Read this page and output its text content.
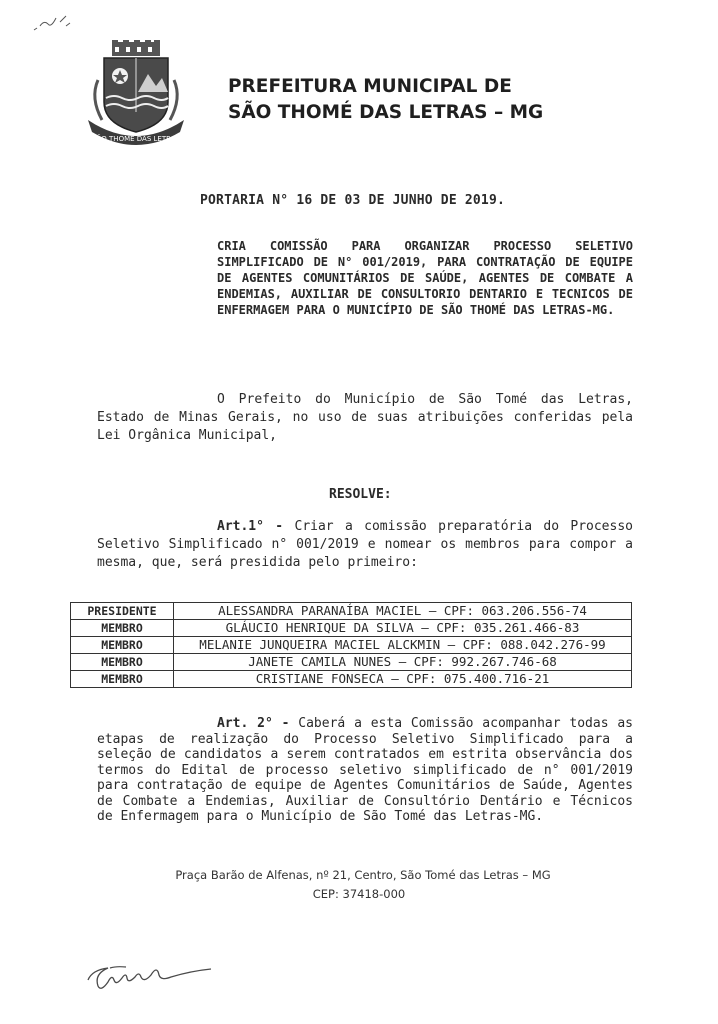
SÃO THOMÉ DAS LETRAS
PREFEITURA MUNICIPAL DE
SÃO THOMÉ DAS LETRAS – MG
PORTARIA N° 16 DE 03 DE JUNHO DE 2019.
CRIA COMISSÃO PARA ORGANIZAR PROCESSO SELETIVO SIMPLIFICADO DE N° 001/2019, PARA CONTRATAÇÃO DE EQUIPE DE AGENTES COMUNITÁRIOS DE SAÚDE, AGENTES DE COMBATE A ENDEMIAS, AUXILIAR DE CONSULTORIO DENTARIO E TECNICOS DE ENFERMAGEM PARA O MUNICÍPIO DE SÃO THOMÉ DAS LETRAS-MG.
O Prefeito do Município de São Tomé das Letras, Estado de Minas Gerais, no uso de suas atribuições conferidas pela Lei Orgânica Municipal,
RESOLVE:
Art.1° - Criar a comissão preparatória do Processo Seletivo Simplificado n° 001/2019 e nomear os membros para compor a mesma, que, será presidida pelo primeiro:
PRESIDENTE	ALESSANDRA PARANAÍBA MACIEL – CPF: 063.206.556-74
MEMBRO	GLÁUCIO HENRIQUE DA SILVA – CPF: 035.261.466-83
MEMBRO	MELANIE JUNQUEIRA MACIEL ALCKMIN – CPF: 088.042.276-99
MEMBRO	JANETE CAMILA NUNES – CPF: 992.267.746-68
MEMBRO	CRISTIANE FONSECA – CPF: 075.400.716-21
Art. 2° - Caberá a esta Comissão acompanhar todas as etapas de realização do Processo Seletivo Simplificado para a seleção de candidatos a serem contratados em estrita observância dos termos do Edital de processo seletivo simplificado de n° 001/2019 para contratação de equipe de Agentes Comunitários de Saúde, Agentes de Combate a Endemias, Auxiliar de Consultório Dentário e Técnicos de Enfermagem para o Município de São Tomé das Letras-MG.
Praça Barão de Alfenas, nº 21, Centro, São Tomé das Letras – MG
CEP: 37418-000
